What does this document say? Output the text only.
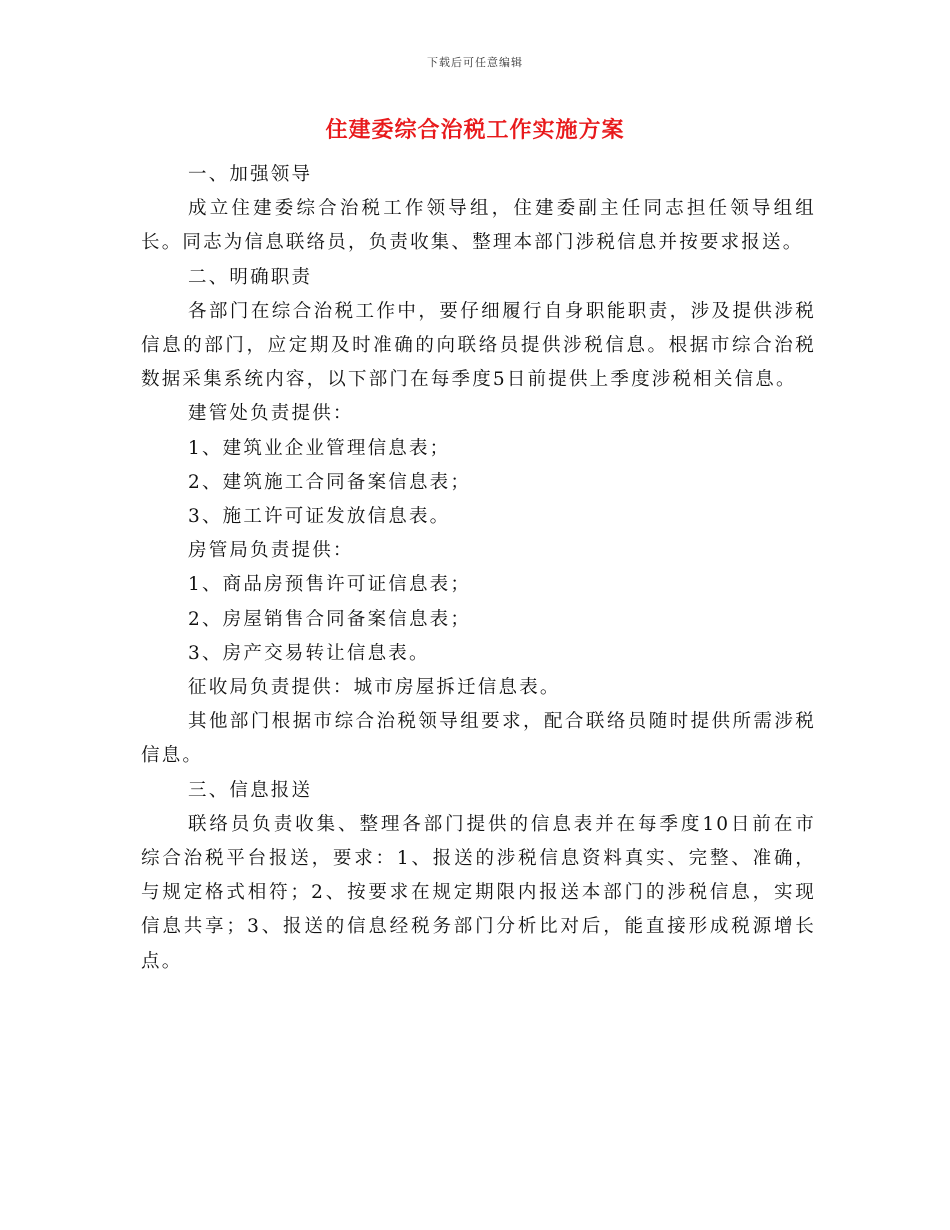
下载后可任意编辑
住建委综合治税工作实施方案

一、加强领导

成立住建委综合治税工作领导组，住建委副主任同志担任领导组组长。同志为信息联络员，负责收集、整理本部门涉税信息并按要求报送。

二、明确职责

各部门在综合治税工作中，要仔细履行自身职能职责，涉及提供涉税信息的部门，应定期及时准确的向联络员提供涉税信息。根据市综合治税数据采集系统内容，以下部门在每季度5日前提供上季度涉税相关信息。

建管处负责提供：

1、建筑业企业管理信息表；

2、建筑施工合同备案信息表；

3、施工许可证发放信息表。

房管局负责提供：

1、商品房预售许可证信息表；

2、房屋销售合同备案信息表；

3、房产交易转让信息表。

征收局负责提供：城市房屋拆迁信息表。

其他部门根据市综合治税领导组要求，配合联络员随时提供所需涉税信息。

三、信息报送

联络员负责收集、整理各部门提供的信息表并在每季度10日前在市综合治税平台报送，要求：1、报送的涉税信息资料真实、完整、准确，与规定格式相符；2、按要求在规定期限内报送本部门的涉税信息，实现信息共享；3、报送的信息经税务部门分析比对后，能直接形成税源增长点。
